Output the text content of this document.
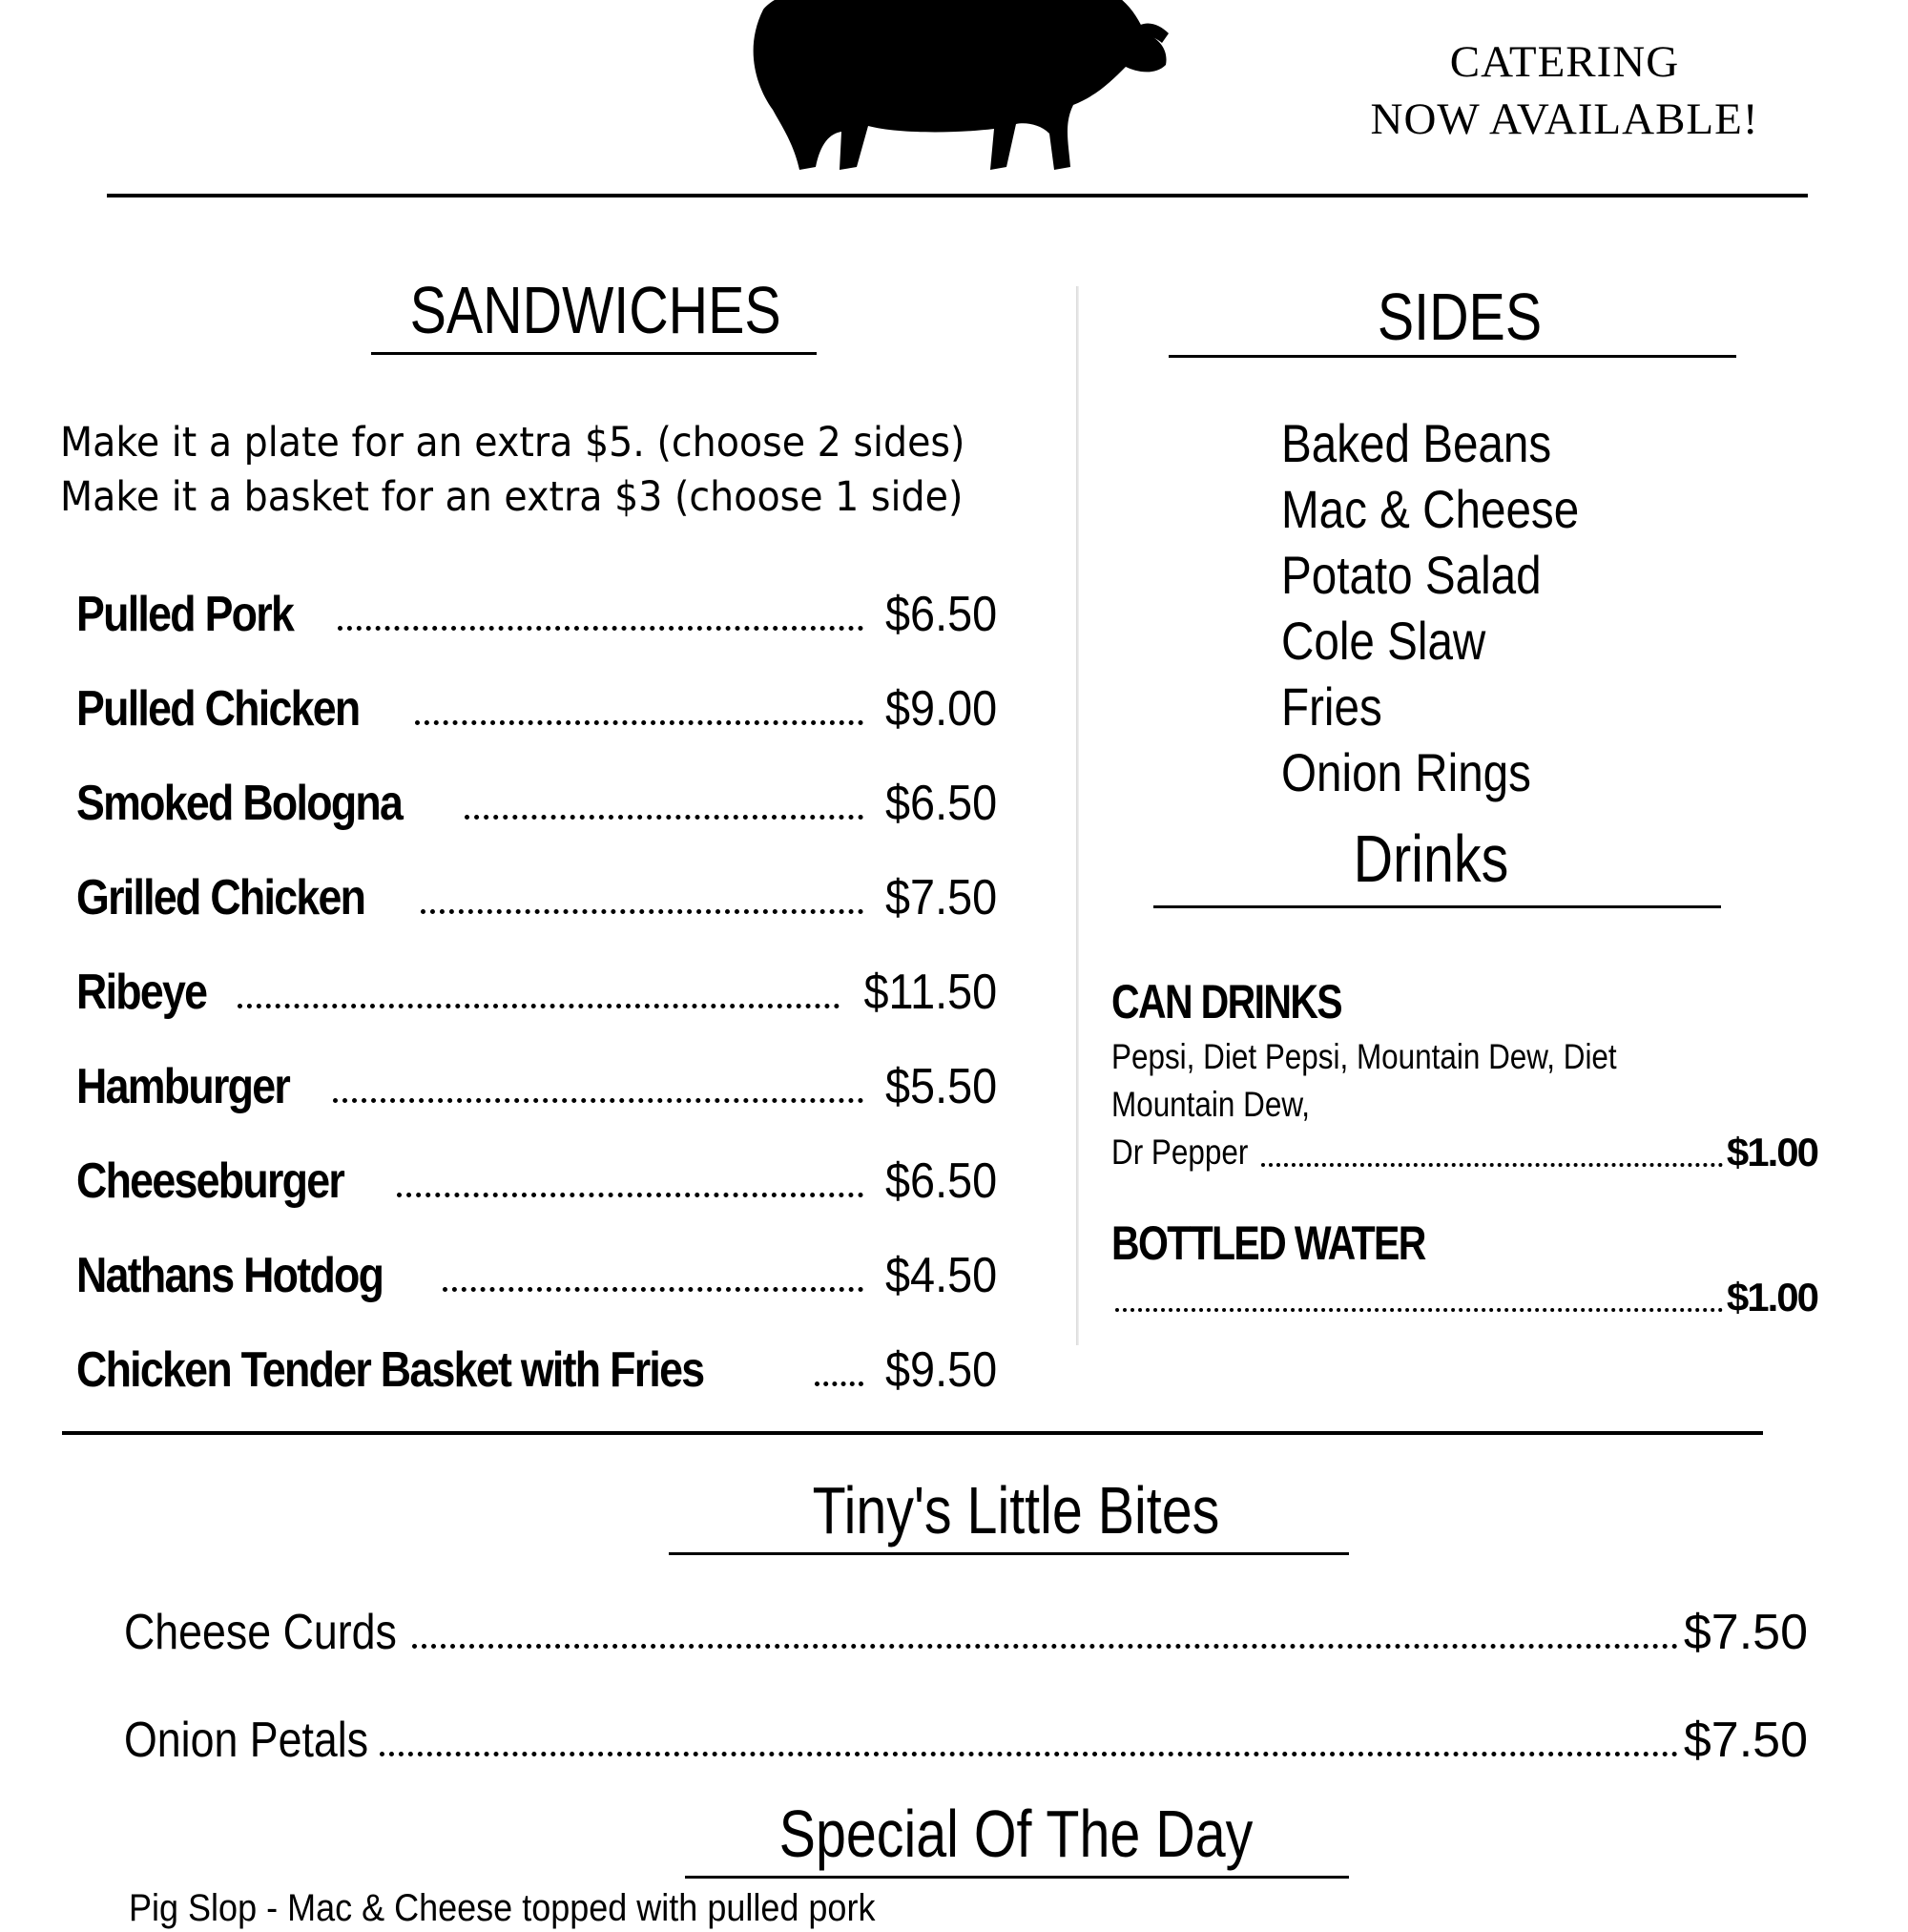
CATERING
NOW AVAILABLE!
SANDWICHES
Make it a plate for an extra $5. (choose 2 sides)
Make it a basket for an extra $3 (choose 1 side)
Pulled Pork	$6.50
Pulled Chicken	$9.00
Smoked Bologna	$6.50
Grilled Chicken	$7.50
Ribeye	$11.50
Hamburger	$5.50
Cheeseburger	$6.50
Nathans Hotdog	$4.50
Chicken Tender Basket with Fries	$9.50
SIDES
Baked Beans
Mac & Cheese
Potato Salad
Cole Slaw
Fries
Onion Rings
Drinks
CAN DRINKS
Pepsi, Diet Pepsi, Mountain Dew, Diet
Mountain Dew,
Dr Pepper	$1.00
BOTTLED WATER
$1.00
Tiny's Little Bites
Cheese Curds	$7.50
Onion Petals	$7.50
Special Of The Day
Pig Slop - Mac & Cheese topped with pulled pork
